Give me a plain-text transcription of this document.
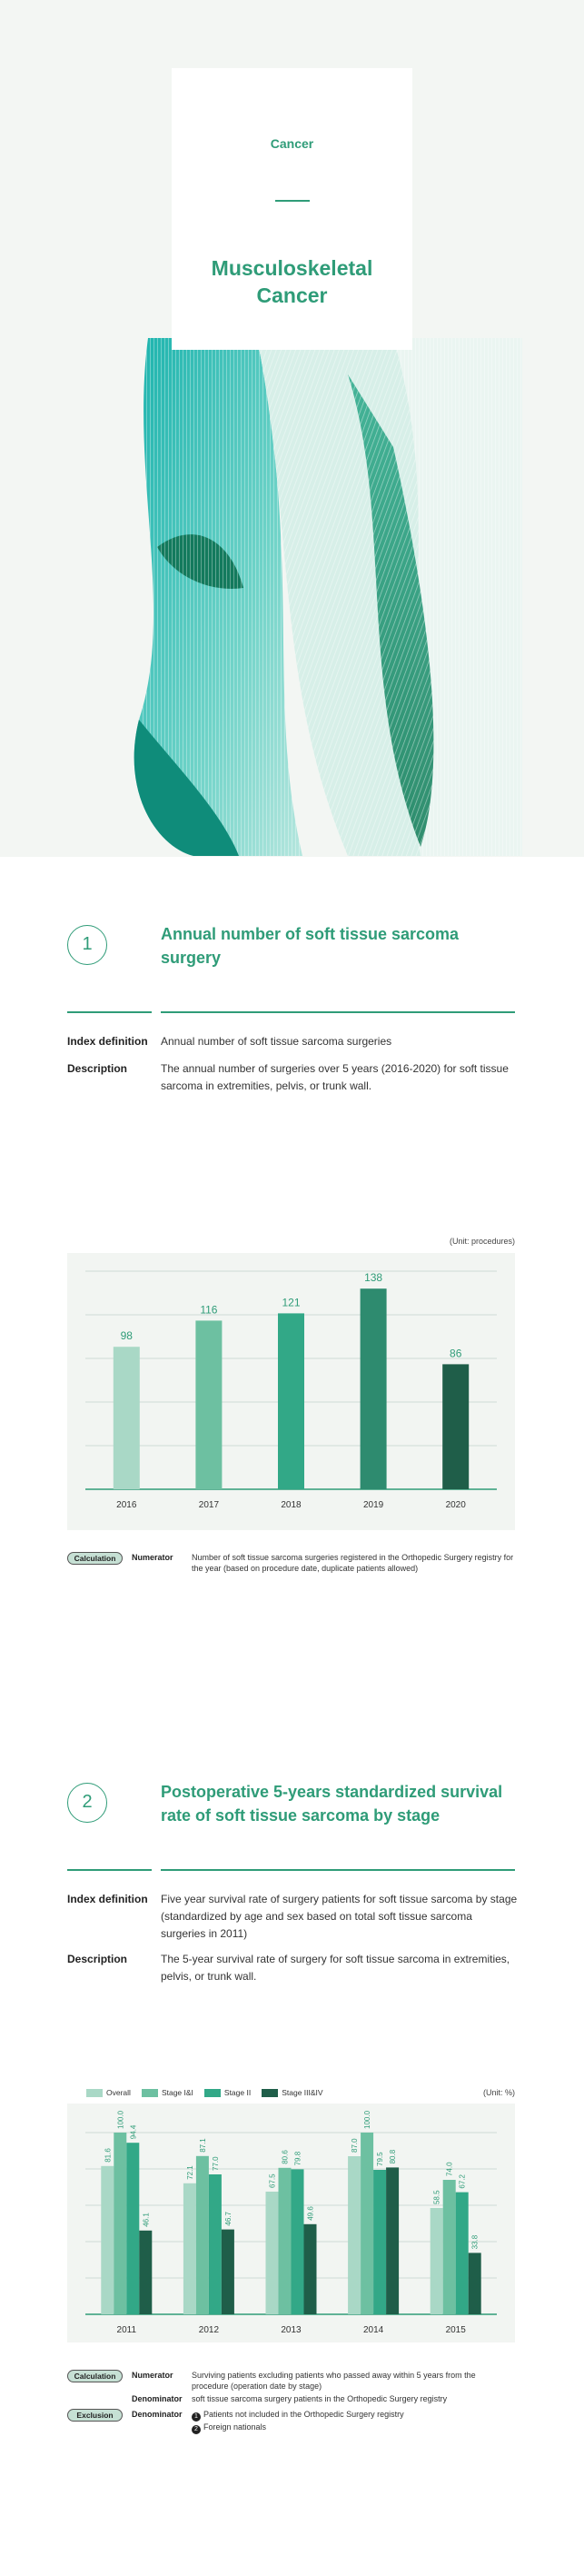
Cancer
Musculoskeletal
Cancer
1	Annual number of soft tissue sarcoma
surgery
Index definition Annual number of soft tissue sarcoma surgeries
Description	The annual number of surgeries over 5 years (2016-2020) for soft tissue sarcoma in extremities, pelvis, or trunk wall.
(Unit: procedures)
98
2016
116
2017
121
2018
138
2019
86
2020
Calculation	Numerator	Number of soft tissue sarcoma surgeries registered in the Orthopedic Surgery registry for the year (based on procedure date, duplicate patients allowed)
2	Postoperative 5-years standardized survival
rate of soft tissue sarcoma by stage
Index definition Five year survival rate of surgery patients for soft tissue sarcoma by stage (standardized by age and sex based on total soft tissue sarcoma surgeries in 2011)
Description	The 5-year survival rate of surgery for soft tissue sarcoma in extremities, pelvis, or trunk wall.
Overall	Stage I&I	Stage II	Stage III&IV	(Unit: %)
81.6
100.0
94.4
46.1
2011
72.1
87.1
77.0
46.7
2012
67.5
80.6 79.8
49.6
2013
87.0
100.0
79.5 80.8
2014
58.5
74.0
67.2
33.8
2015
Calculation	Numerator	Surviving patients excluding patients who passed away within 5 years from the procedure (operation date by stage)
Denominator	soft tissue sarcoma surgery patients in the Orthopedic Surgery registry
Exclusion	Denominator	1 Patients not included in the Orthopedic Surgery registry
2 Foreign nationals
